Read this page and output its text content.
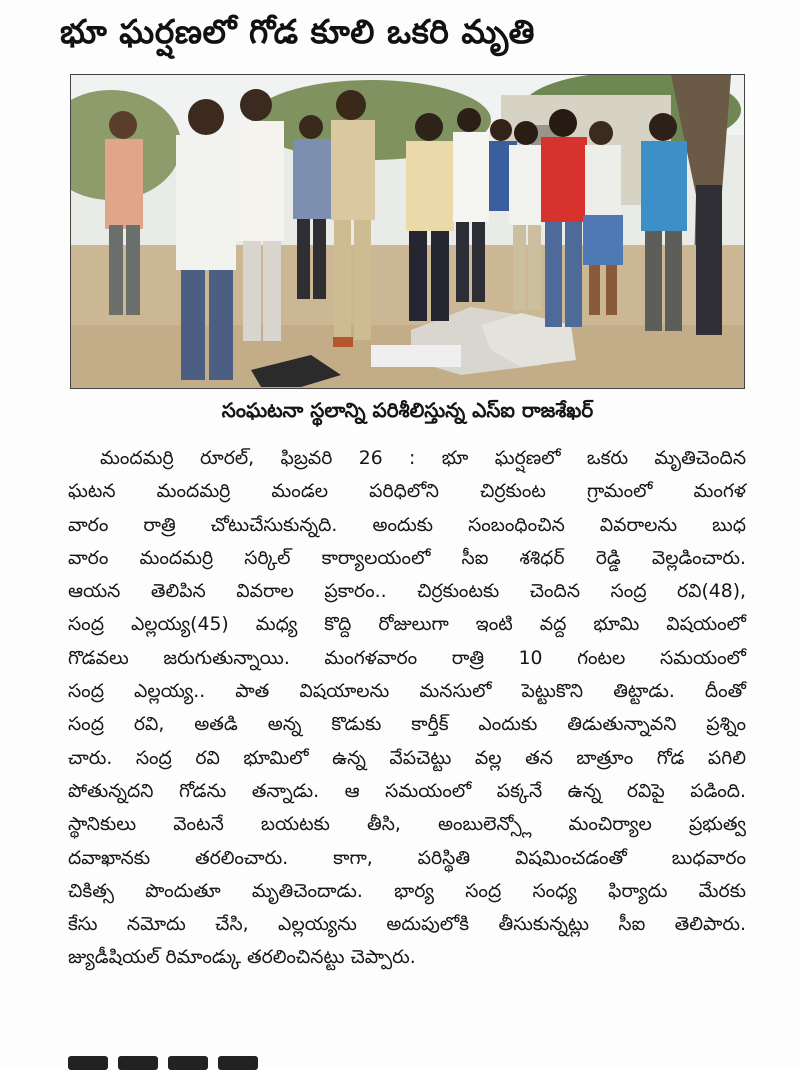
భూ ఘర్షణలో గోడ కూలి ఒకరి మృతి
సంఘటనా స్థలాన్ని పరిశీలిస్తున్న ఎస్ఐ రాజశేఖర్
మందమర్రి రూరల్, ఫిబ్రవరి 26 : భూ ఘర్షణలో ఒకరు మృతిచెందిన
ఘటన మందమర్రి మండల పరిధిలోని చిర్రకుంట గ్రామంలో మంగళ
వారం రాత్రి చోటుచేసుకున్నది. అందుకు సంబంధించిన వివరాలను బుధ
వారం మందమర్రి సర్కిల్ కార్యాలయంలో సీఐ శశిధర్ రెడ్డి వెల్లడించారు.
ఆయన తెలిపిన వివరాల ప్రకారం.. చిర్రకుంటకు చెందిన సంద్ర రవి(48),
సంద్ర ఎల్లయ్య(45) మధ్య కొద్ది రోజులుగా ఇంటి వద్ద భూమి విషయంలో
గొడవలు జరుగుతున్నాయి. మంగళవారం రాత్రి 10 గంటల సమయంలో
సంద్ర ఎల్లయ్య.. పాత విషయాలను మనసులో పెట్టుకొని తిట్టాడు. దీంతో
సంద్ర రవి, అతడి అన్న కొడుకు కార్తీక్ ఎందుకు తిడుతున్నావని ప్రశ్నిం
చారు. సంద్ర రవి భూమిలో ఉన్న వేపచెట్టు వల్ల తన బాత్రూం గోడ పగిలి
పోతున్నదని గోడను తన్నాడు. ఆ సమయంలో పక్కనే ఉన్న రవిపై పడింది.
స్థానికులు వెంటనే బయటకు తీసి, అంబులెన్స్లో మంచిర్యాల ప్రభుత్వ
దవాఖానకు తరలించారు. కాగా, పరిస్థితి విషమించడంతో బుధవారం
చికిత్స పొందుతూ మృతిచెందాడు. భార్య సంద్ర సంధ్య ఫిర్యాదు మేరకు
కేసు నమోదు చేసి, ఎల్లయ్యను అదుపులోకి తీసుకున్నట్లు సీఐ తెలిపారు.
జ్యుడీషియల్ రిమాండ్కు తరలించినట్టు చెప్పారు.
